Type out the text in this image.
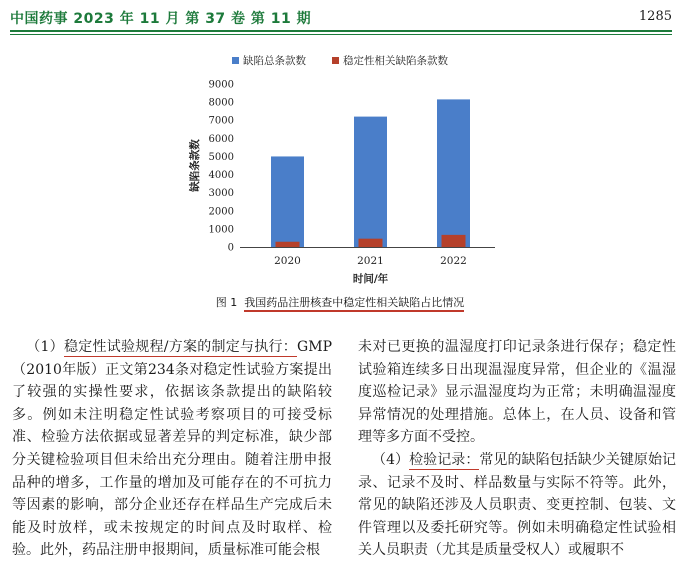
中国药事 2023 年 11 月 第 37 卷 第 11 期	1285
缺陷总条款数	稳定性相关缺陷条款数
0
1000
2000
3000
4000
5000
6000
7000
8000
9000
缺陷条款数
2020	2021	2022
时间/年
图 1 我国药品注册核查中稳定性相关缺陷占比情况

 （1）稳定性试验规程/方案的制定与执行：GMP（2010年版）正文第234条对稳定性试验方案提出了较强的实操性要求，依据该条款提出的缺陷较多。例如未注明稳定性试验考察项目的可接受标准、检验方法依据或显著差异的判定标准，缺少部分关键检验项目但未给出充分理由。随着注册申报品种的增多，工作量的增加及可能存在的不可抗力等因素的影响，部分企业还存在样品生产完成后未能及时放样，或未按规定的时间点及时取样、检验。此外，药品注册申报期间，质量标准可能会根

未对已更换的温湿度打印记录条进行保存；稳定性试验箱连续多日出现温湿度异常，但企业的《温湿度巡检记录》显示温湿度均为正常；未明确温湿度异常情况的处理措施。总体上，在人员、设备和管理等多方面不受控。

 （4）检验记录：常见的缺陷包括缺少关键原始记录、记录不及时、样品数量与实际不符等。此外，常见的缺陷还涉及人员职责、变更控制、包装、文件管理以及委托研究等。例如未明确稳定性试验相关人员职责（尤其是质量受权人）或履职不
